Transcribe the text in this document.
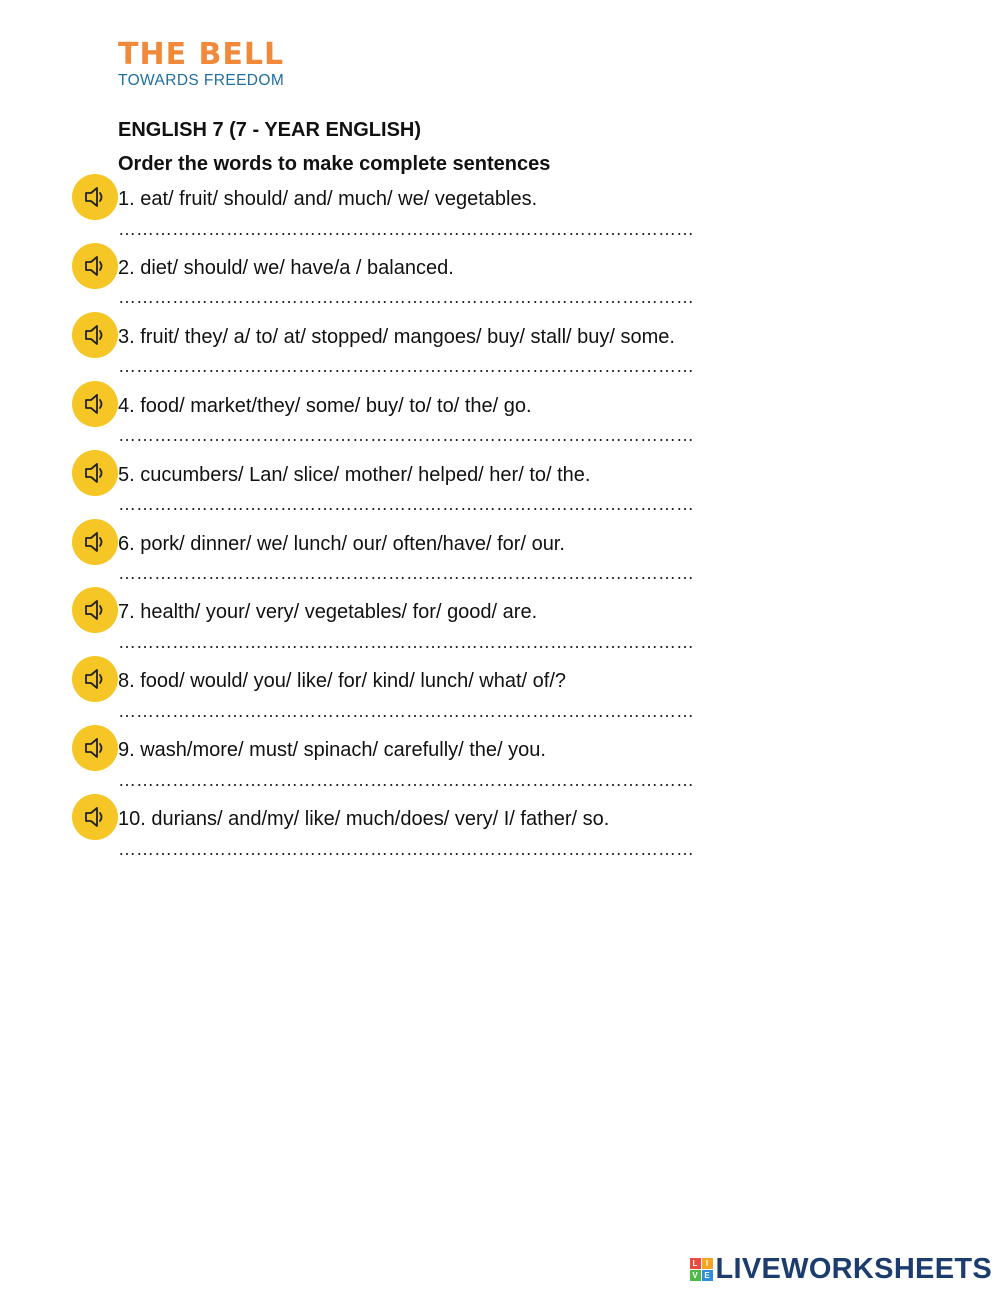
THE BELL
TOWARDS FREEDOM
ENGLISH 7 (7 - YEAR ENGLISH)
Order the words to make complete sentences
1. eat/ fruit/ should/ and/ much/ we/ vegetables.
……………………………………………………………………………………
2. diet/ should/ we/ have/a / balanced.
……………………………………………………………………………………
3. fruit/ they/ a/ to/ at/ stopped/ mangoes/ buy/ stall/ buy/ some.
……………………………………………………………………………………
4. food/ market/they/ some/ buy/ to/ to/ the/ go.
……………………………………………………………………………………
5. cucumbers/ Lan/ slice/ mother/ helped/ her/ to/ the.
……………………………………………………………………………………
6. pork/ dinner/ we/ lunch/ our/ often/have/ for/ our.
……………………………………………………………………………………
7. health/ your/ very/ vegetables/ for/ good/ are.
……………………………………………………………………………………
8. food/ would/ you/ like/ for/ kind/ lunch/ what/ of/?
……………………………………………………………………………………
9. wash/more/ must/ spinach/ carefully/ the/ you.
……………………………………………………………………………………
10. durians/ and/my/ like/ much/does/ very/ I/ father/ so.
……………………………………………………………………………………
L	I
V E LIVEWORKSHEETS
